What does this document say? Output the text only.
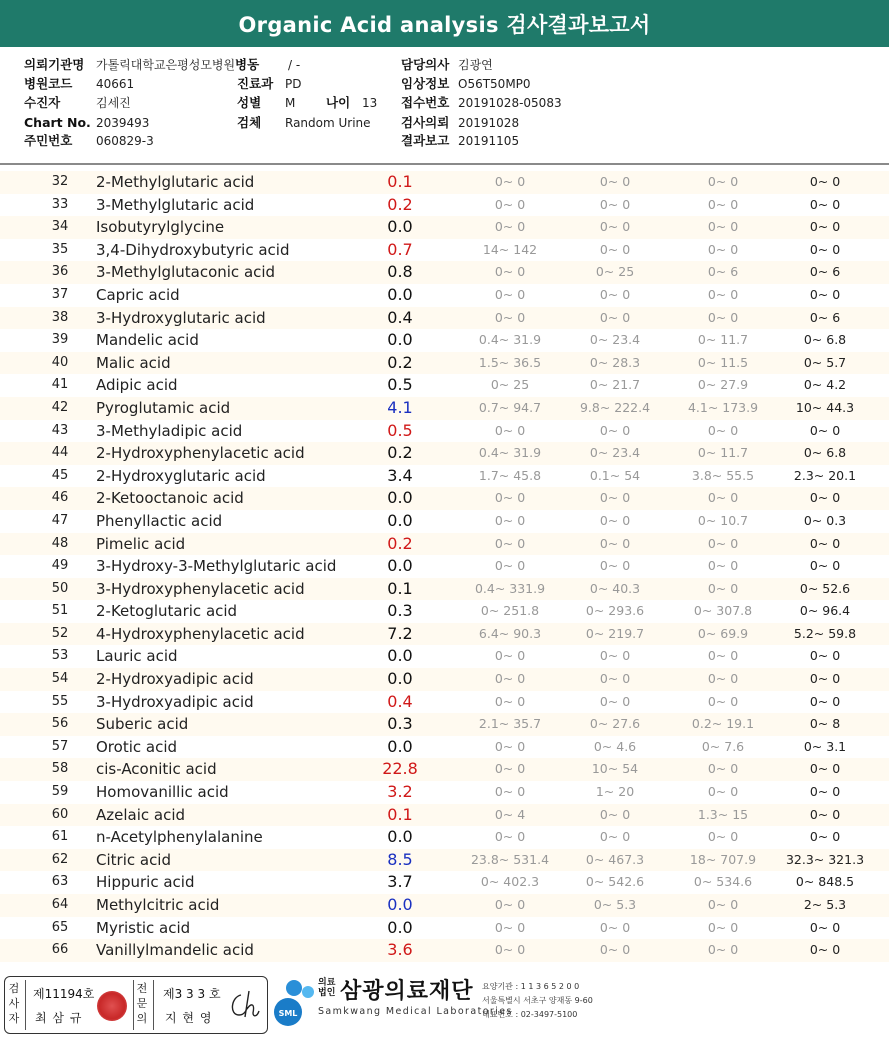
Organic Acid analysis 검사결과보고서
의뢰기관명 가톨릭대학교은평성모병원 병동 / -	담당의사 김광연
병원코드 40661	진료과 PD	임상정보 O56T50MP0
수진자	김세진	성별 M 나이 13 접수번호 20191028-05083
Chart No. 2039493	검체 Random Urine 검사의뢰 20191028
주민번호 060829-3	결과보고 20191105
32	2-Methylglutaric acid	0.1	0~ 0	0~ 0	0~ 0	0~ 0
33	3-Methylglutaric acid	0.2	0~ 0	0~ 0	0~ 0	0~ 0
34	Isobutyrylglycine	0.0	0~ 0	0~ 0	0~ 0	0~ 0
35	3,4-Dihydroxybutyric acid	0.7	14~ 142	0~ 0	0~ 0	0~ 0
36	3-Methylglutaconic acid	0.8	0~ 0	0~ 25	0~ 6	0~ 6
37	Capric acid	0.0	0~ 0	0~ 0	0~ 0	0~ 0
38	3-Hydroxyglutaric acid	0.4	0~ 0	0~ 0	0~ 0	0~ 6
39	Mandelic acid	0.0	0.4~ 31.9	0~ 23.4	0~ 11.7	0~ 6.8
40	Malic acid	0.2	1.5~ 36.5	0~ 28.3	0~ 11.5	0~ 5.7
41	Adipic acid	0.5	0~ 25	0~ 21.7	0~ 27.9	0~ 4.2
42	Pyroglutamic acid	4.1	0.7~ 94.7	9.8~ 222.4	4.1~ 173.9	10~ 44.3
43	3-Methyladipic acid	0.5	0~ 0	0~ 0	0~ 0	0~ 0
44	2-Hydroxyphenylacetic acid	0.2	0.4~ 31.9	0~ 23.4	0~ 11.7	0~ 6.8
45	2-Hydroxyglutaric acid	3.4	1.7~ 45.8	0.1~ 54	3.8~ 55.5	2.3~ 20.1
46	2-Ketooctanoic acid	0.0	0~ 0	0~ 0	0~ 0	0~ 0
47	Phenyllactic acid	0.0	0~ 0	0~ 0	0~ 10.7	0~ 0.3
48	Pimelic acid	0.2	0~ 0	0~ 0	0~ 0	0~ 0
49	3-Hydroxy-3-Methylglutaric acid	0.0	0~ 0	0~ 0	0~ 0	0~ 0
50	3-Hydroxyphenylacetic acid	0.1	0.4~ 331.9	0~ 40.3	0~ 0	0~ 52.6
51	2-Ketoglutaric acid	0.3	0~ 251.8	0~ 293.6	0~ 307.8	0~ 96.4
52	4-Hydroxyphenylacetic acid	7.2	6.4~ 90.3	0~ 219.7	0~ 69.9	5.2~ 59.8
53	Lauric acid	0.0	0~ 0	0~ 0	0~ 0	0~ 0
54	2-Hydroxyadipic acid	0.0	0~ 0	0~ 0	0~ 0	0~ 0
55	3-Hydroxyadipic acid	0.4	0~ 0	0~ 0	0~ 0	0~ 0
56	Suberic acid	0.3	2.1~ 35.7	0~ 27.6	0.2~ 19.1	0~ 8
57	Orotic acid	0.0	0~ 0	0~ 4.6	0~ 7.6	0~ 3.1
58	cis-Aconitic acid	22.8	0~ 0	10~ 54	0~ 0	0~ 0
59	Homovanillic acid	3.2	0~ 0	1~ 20	0~ 0	0~ 0
60	Azelaic acid	0.1	0~ 4	0~ 0	1.3~ 15	0~ 0
61	n-Acetylphenylalanine	0.0	0~ 0	0~ 0	0~ 0	0~ 0
62	Citric acid	8.5	23.8~ 531.4	0~ 467.3	18~ 707.9	32.3~ 321.3
63	Hippuric acid	3.7	0~ 402.3	0~ 542.6	0~ 534.6	0~ 848.5
64	Methylcitric acid	0.0	0~ 0	0~ 5.3	0~ 0	2~ 5.3
65	Myristic acid	0.0	0~ 0	0~ 0	0~ 0	0~ 0
66	Vanillylmandelic acid	3.6	0~ 0	0~ 0	0~ 0	0~ 0
검사자
제11194호
최 삼 규
전문의
제3 3 3 호
지 현 영	SML
의료법인 삼광의료재단
Samkwang Medical Laboratories
요양기관 : 1 1 3 6 5 2 0 0
서울특별시 서초구 양재동 9-60
대표번호 : 02-3497-5100
